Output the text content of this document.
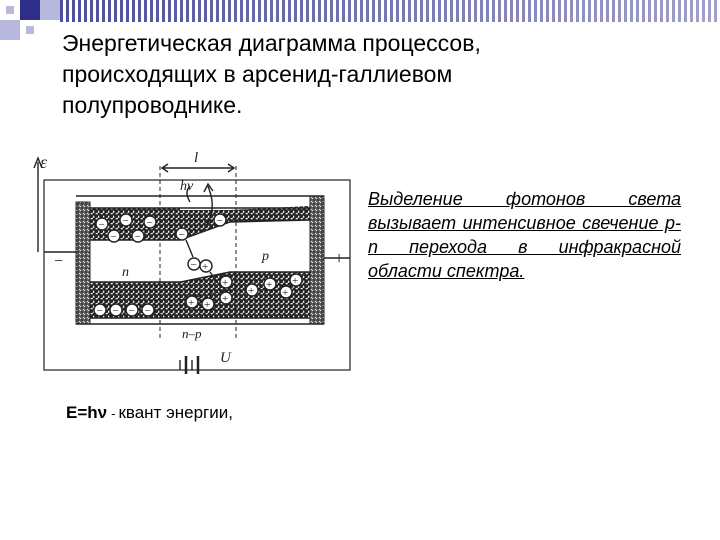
Энергетическая диаграмма процессов,
происходящих в арсенид-галлиевом
полупроводнике.
ε	l
hν
− − −
− −	−
−
− +
+ + +
+
+ +
+
+
− − − −
n
p
n–p
−	+
U
Выделение фотонов света вызывает интенсивное свечение p-n перехода в инфракрасной области спектра.
E=hν - квант энергии,
